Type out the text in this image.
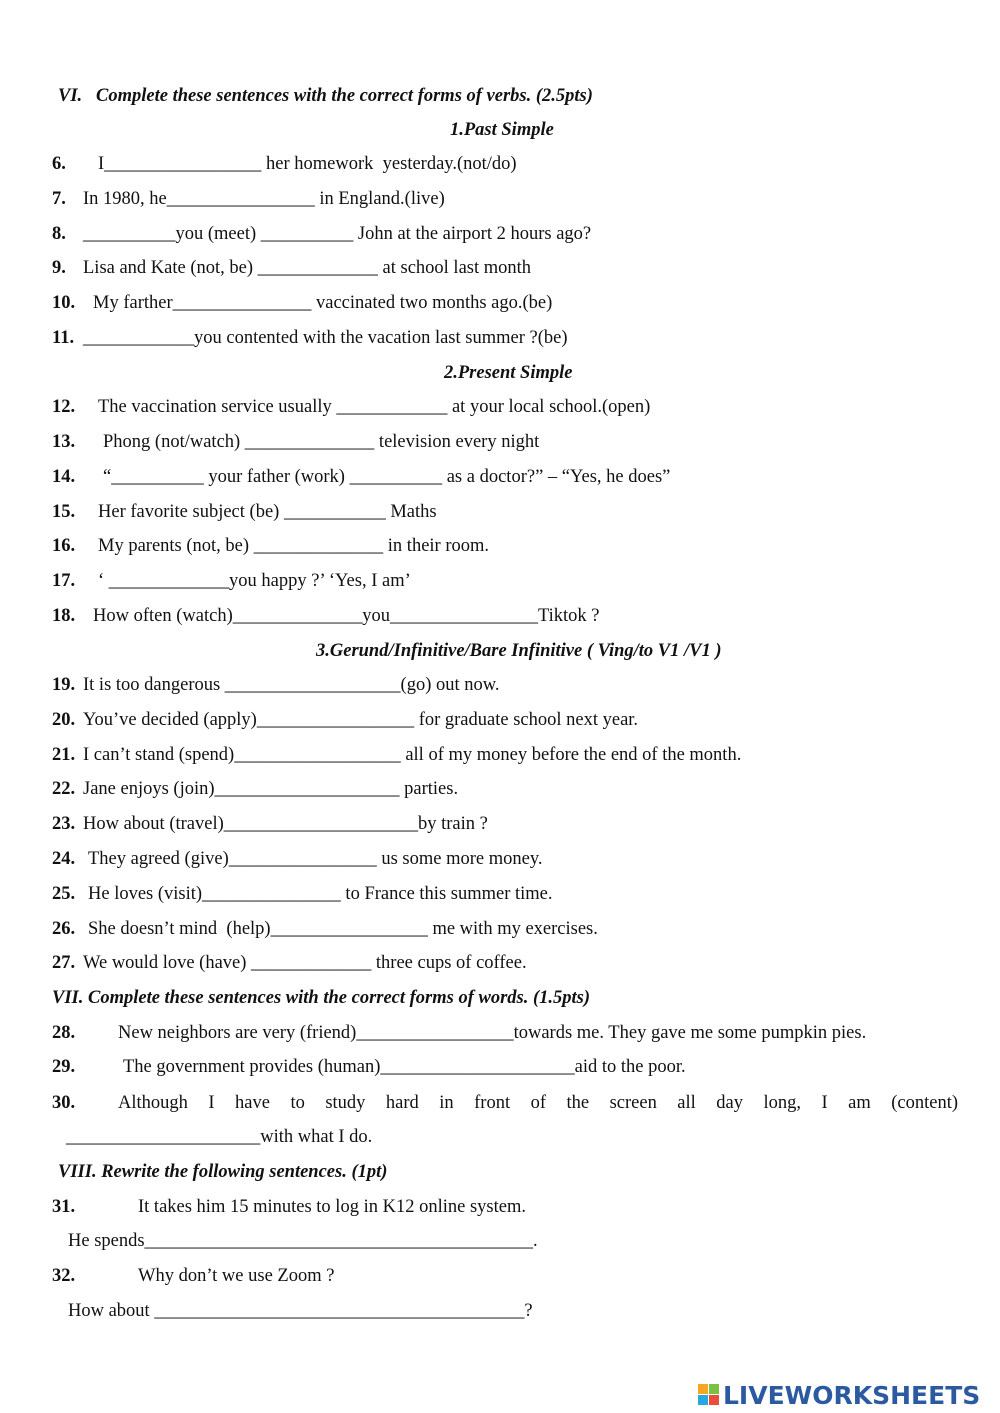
VI.   Complete these sentences with the correct forms of verbs. (2.5pts)
1.Past Simple
6. I_________________ her homework  yesterday.(not/do)
7. In 1980, he________________ in England.(live)
8. __________you (meet) __________ John at the airport 2 hours ago?
9. Lisa and Kate (not, be) _____________ at school last month
10. My farther_______________ vaccinated two months ago.(be)
11. ____________you contented with the vacation last summer ?(be)
2.Present Simple
12. The vaccination service usually ____________ at your local school.(open)
13. Phong (not/watch) ______________ television every night
14. “__________ your father (work) __________ as a doctor?” – “Yes, he does”
15. Her favorite subject (be) ___________ Maths
16. My parents (not, be) ______________ in their room.
17. ‘ _____________you happy ?’ ‘Yes, I am’
18. How often (watch)______________you________________Tiktok ?
3.Gerund/Infinitive/Bare Infinitive ( Ving/to V1 /V1 )
19. It is too dangerous ___________________(go) out now.
20. You’ve decided (apply)_________________ for graduate school next year.
21. I can’t stand (spend)__________________ all of my money before the end of the month.
22. Jane enjoys (join)____________________ parties.
23. How about (travel)_____________________by train ?
24. They agreed (give)________________ us some more money.
25. He loves (visit)_______________ to France this summer time.
26. She doesn’t mind  (help)_________________ me with my exercises.
27. We would love (have) _____________ three cups of coffee.
VII. Complete these sentences with the correct forms of words. (1.5pts)
28. New neighbors are very (friend)_________________towards me. They gave me some pumpkin pies.
29.	The government provides (human)_____________________aid to the poor.
30. Although I have to study hard in front of the screen all day long, I am (content)
_____________________with what I do.
VIII. Rewrite the following sentences. (1pt)
31.	It takes him 15 minutes to log in K12 online system.
He spends__________________________________________.
32.	Why don’t we use Zoom ?
How about ________________________________________?
LIVEWORKSHEETS
